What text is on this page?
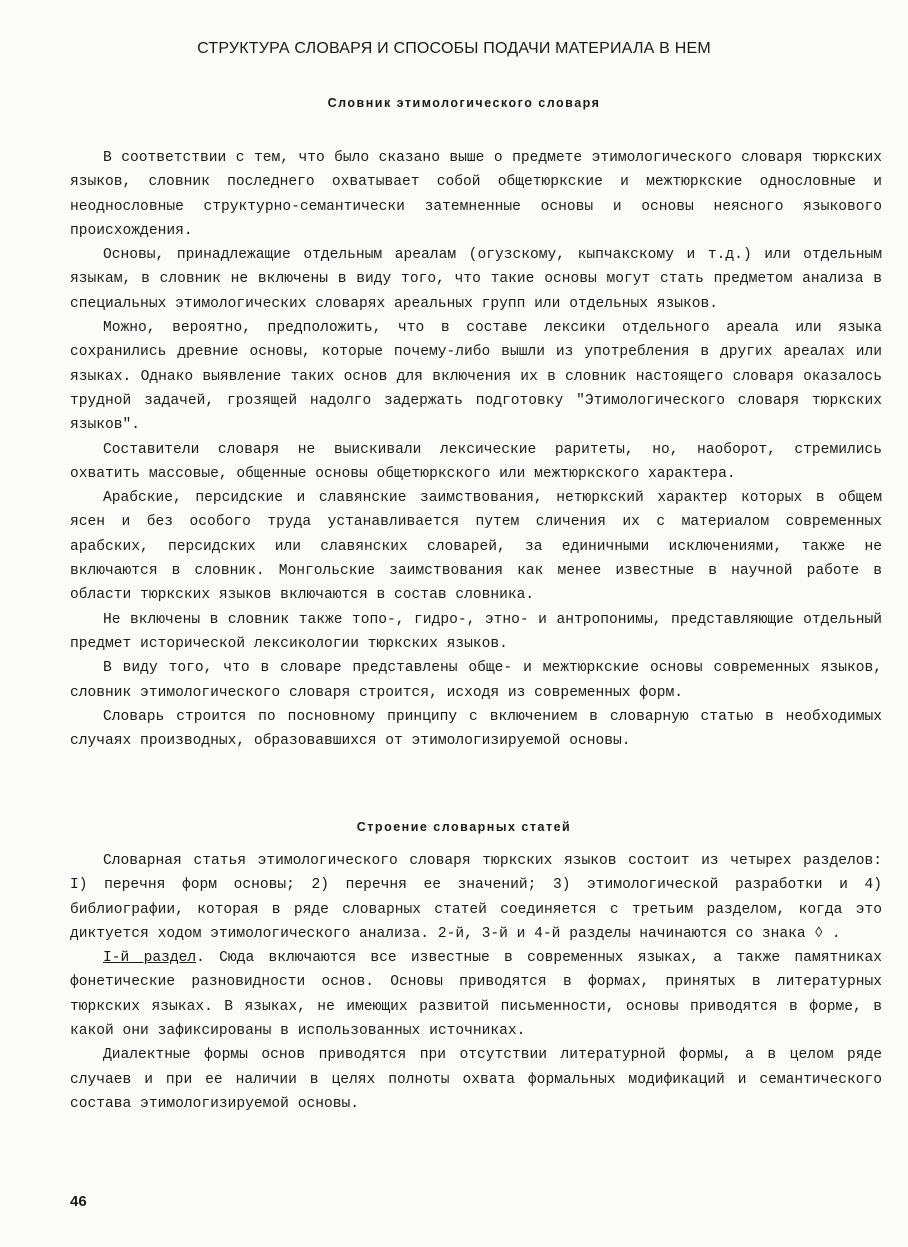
СТРУКТУРА СЛОВАРЯ И СПОСОБЫ ПОДАЧИ МАТЕРИАЛА В НЕМ
Словник этимологического словаря

В соответствии с тем, что было сказано выше о предмете этимологического словаря тюркских языков, словник последнего охватывает собой общетюркские и межтюркские однословные и неоднословные структурно-семантически затемненные основы и основы неясного языкового происхождения.

Основы, принадлежащие отдельным ареалам (огузскому, кыпчакскому и т.д.) или отдельным языкам, в словник не включены в виду того, что такие основы могут стать предметом анализа в специальных этимологических словарях ареальных групп или отдельных языков.

Можно, вероятно, предположить, что в составе лексики отдельного ареала или языка сохранились древние основы, которые почему-либо вышли из употребления в других ареалах или языках. Однако выявление таких основ для включения их в словник настоящего словаря оказалось трудной задачей, грозящей надолго задержать подготовку "Этимологического словаря тюркских языков".

Составители словаря не выискивали лексические раритеты, но, наоборот, стремились охватить массовые, общенные основы общетюркского или межтюркского характера.

Арабские, персидские и славянские заимствования, нетюркский характер которых в общем ясен и без особого труда устанавливается путем сличения их с материалом современных арабских, персидских или славянских словарей, за единичными исключениями, также не включаются в словник. Монгольские заимствования как менее известные в научной работе в области тюркских языков включаются в состав словника.

Не включены в словник также топо-, гидро-, этно- и антропонимы, представляющие отдельный предмет исторической лексикологии тюркских языков.

В виду того, что в словаре представлены обще- и межтюркские основы современных языков, словник этимологического словаря строится, исходя из современных форм.

Словарь строится по посновному принципу с включением в словарную статью в необходимых случаях производных, образовавшихся от этимологизируемой основы.

Строение словарных статей

Словарная статья этимологического словаря тюркских языков состоит из четырех разделов: I) перечня форм основы; 2) перечня ее значений; 3) этимологической разработки и 4) библиографии, которая в ряде словарных статей соединяется с третьим разделом, когда это диктуется ходом этимологического анализа. 2-й, 3-й и 4-й разделы начинаются со знака ◊ .

I-й раздел. Сюда включаются все известные в современных языках, а также памятниках фонетические разновидности основ. Основы приводятся в формах, принятых в литературных тюркских языках. В языках, не имеющих развитой письменности, основы приводятся в форме, в какой они зафиксированы в использованных источниках.

Диалектные формы основ приводятся при отсутствии литературной формы, а в целом ряде случаев и при ее наличии в целях полноты охвата формальных модификаций и семантического состава этимологизируемой основы.

46
